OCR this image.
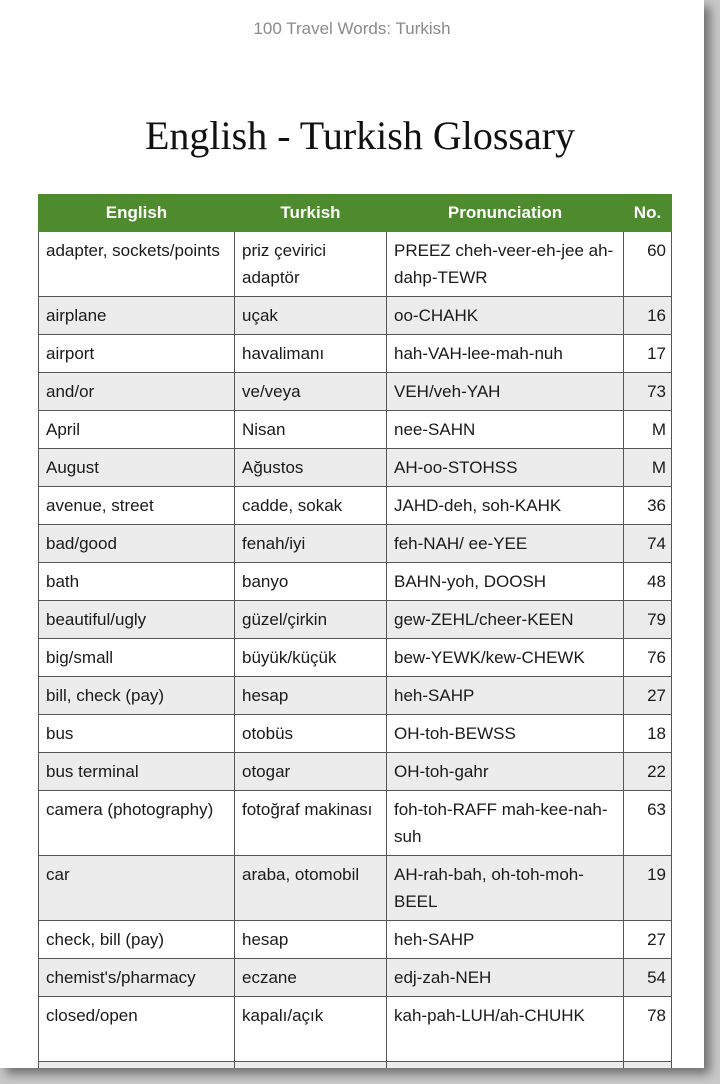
100 Travel Words: Turkish
English - Turkish Glossary
English	Turkish	Pronunciation	No.
adapter, sockets/points	priz çevirici adaptör	PREEZ cheh-veer-eh-jee ah-dahp-TEWR	60
airplane	uçak	oo-CHAHK	16
airport	havalimanı	hah-VAH-lee-mah-nuh	17
and/or	ve/veya	VEH/veh-YAH	73
April	Nisan	nee-SAHN	M
August	Ağustos	AH-oo-STOHSS	M
avenue, street	cadde, sokak	JAHD-deh, soh-KAHK	36
bad/good	fenah/iyi	feh-NAH/ ee-YEE	74
bath	banyo	BAHN-yoh, DOOSH	48
beautiful/ugly	güzel/çirkin	gew-ZEHL/cheer-KEEN	79
big/small	büyük/küçük	bew-YEWK/kew-CHEWK	76
bill, check (pay)	hesap	heh-SAHP	27
bus	otobüs	OH-toh-BEWSS	18
bus terminal	otogar	OH-toh-gahr	22
camera (photography)	fotoğraf makinası	foh-toh-RAFF mah-kee-nah-suh	63
car	araba, otomobil	AH-rah-bah, oh-toh-moh-BEEL	19
check, bill (pay)	hesap	heh-SAHP	27
chemist's/pharmacy	eczane	edj-zah-NEH	54
closed/open	kapalı/açık	kah-pah-LUH/ah-CHUHK	78
